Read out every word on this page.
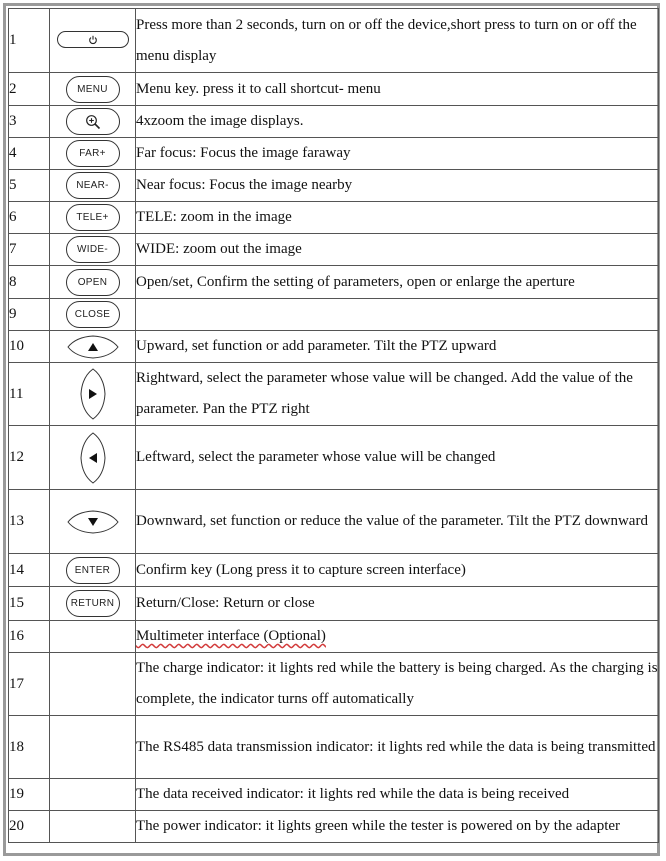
1		Press more than 2 seconds, turn on or off the device,short press to turn on or off the menu display
2	MENU	Menu key. press it to call shortcut- menu
3		4xzoom the image displays.
4	FAR+	Far focus: Focus the image faraway
5	NEAR-	Near focus: Focus the image nearby
6	TELE+	TELE: zoom in the image
7	WIDE-	WIDE: zoom out the image
8	OPEN	Open/set, Confirm the setting of parameters, open or enlarge the aperture
9	CLOSE	
10		Upward, set function or add parameter. Tilt the PTZ upward
11		Rightward, select the parameter whose value will be changed. Add the value of the parameter. Pan the PTZ right
12		Leftward, select the parameter whose value will be changed
13		Downward, set function or reduce the value of the parameter. Tilt the PTZ downward
14	ENTER	Confirm key (Long press it to capture screen interface)
15	RETURN	Return/Close: Return or close
16		Multimeter interface (Optional)
17		The charge indicator: it lights red while the battery is being charged. As the charging is complete, the indicator turns off automatically
18		The RS485 data transmission indicator: it lights red while the data is being transmitted
19		The data received indicator: it lights red while the data is being received
20		The power indicator: it lights green while the tester is powered on by the adapter
